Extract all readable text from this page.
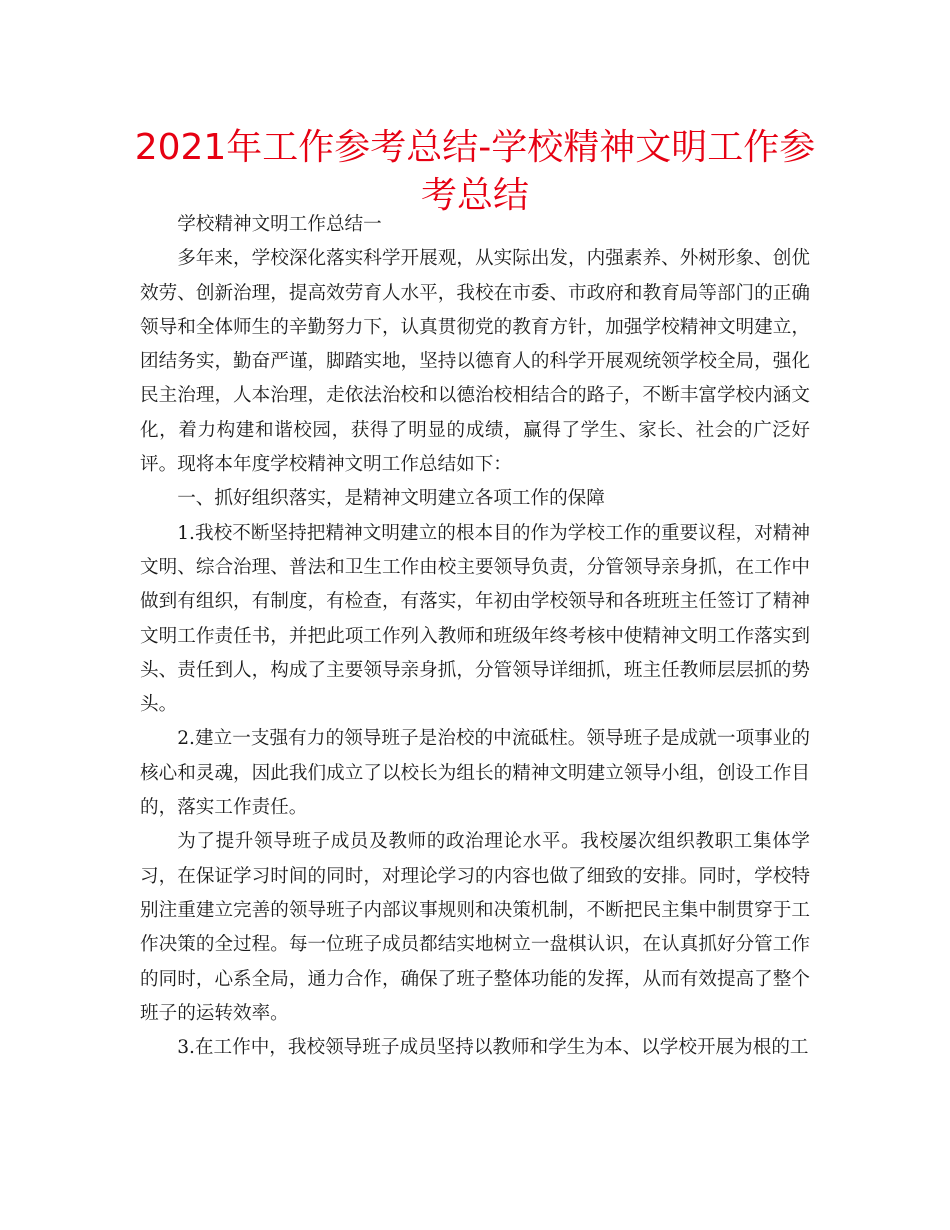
2021年工作参考总结-学校精神文明工作参考总结

学校精神文明工作总结一

多年来，学校深化落实科学开展观，从实际出发，内强素养、外树形象、创优效劳、创新治理，提高效劳育人水平，我校在市委、市政府和教育局等部门的正确领导和全体师生的辛勤努力下，认真贯彻党的教育方针，加强学校精神文明建立，团结务实，勤奋严谨，脚踏实地，坚持以德育人的科学开展观统领学校全局，强化民主治理，人本治理，走依法治校和以德治校相结合的路子，不断丰富学校内涵文化，着力构建和谐校园，获得了明显的成绩，赢得了学生、家长、社会的广泛好评。现将本年度学校精神文明工作总结如下：

一、抓好组织落实，是精神文明建立各项工作的保障

1.我校不断坚持把精神文明建立的根本目的作为学校工作的重要议程，对精神文明、综合治理、普法和卫生工作由校主要领导负责，分管领导亲身抓，在工作中做到有组织，有制度，有检查，有落实，年初由学校领导和各班班主任签订了精神文明工作责任书，并把此项工作列入教师和班级年终考核中使精神文明工作落实到头、责任到人，构成了主要领导亲身抓，分管领导详细抓，班主任教师层层抓的势头。

2.建立一支强有力的领导班子是治校的中流砥柱。领导班子是成就一项事业的核心和灵魂，因此我们成立了以校长为组长的精神文明建立领导小组，创设工作目的，落实工作责任。

为了提升领导班子成员及教师的政治理论水平。我校屡次组织教职工集体学习，在保证学习时间的同时，对理论学习的内容也做了细致的安排。同时，学校特别注重建立完善的领导班子内部议事规则和决策机制，不断把民主集中制贯穿于工作决策的全过程。每一位班子成员都结实地树立一盘棋认识，在认真抓好分管工作的同时，心系全局，通力合作，确保了班子整体功能的发挥，从而有效提高了整个班子的运转效率。

3.在工作中，我校领导班子成员坚持以教师和学生为本、以学校开展为根的工
